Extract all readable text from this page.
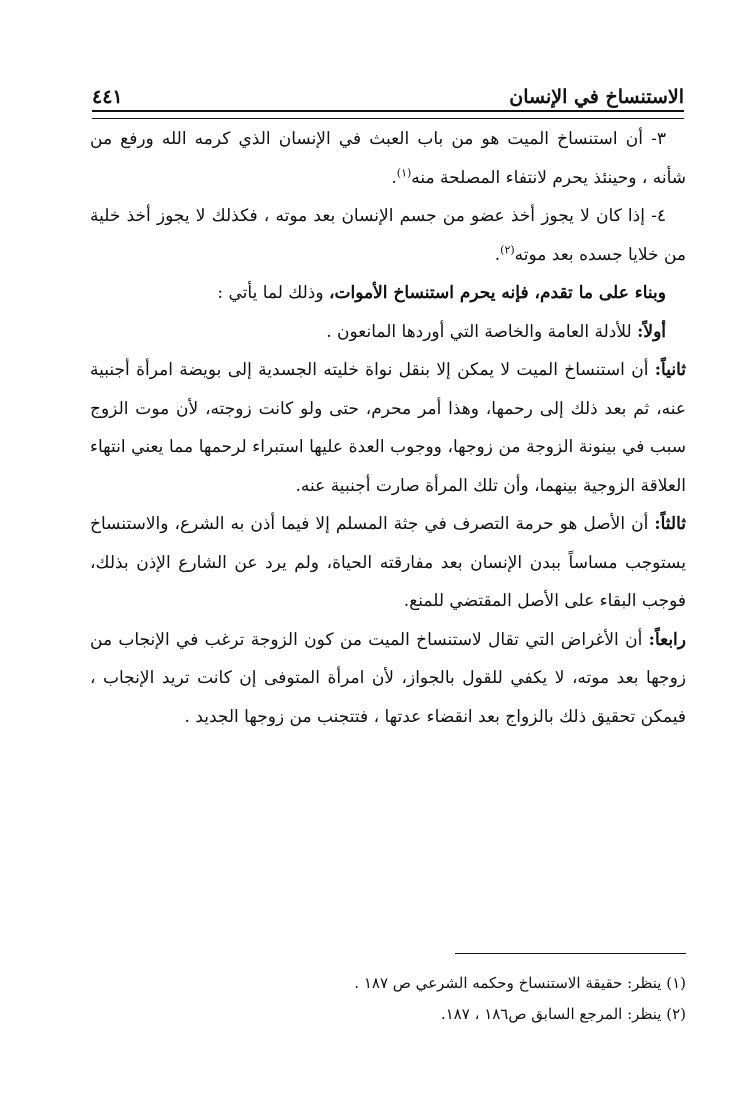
الاستنساخ في الإنسان
٤٤١

٣- أن استنساخ الميت هو من باب العبث في الإنسان الذي كرمه الله ورفع من شأنه ، وحينئذ يحرم لانتفاء المصلحة منه$^{(١)}$.

٤- إذا كان لا يجوز أخذ عضو من جسم الإنسان بعد موته ، فكذلك لا يجوز أخذ خلية من خلايا جسده بعد موته$^{(٢)}$.

وبناء على ما تقدم، فإنه يحرم استنساخ الأموات، وذلك لما يأتي :

أولاً: للأدلة العامة والخاصة التي أوردها المانعون .

ثانياً: أن استنساخ الميت لا يمكن إلا بنقل نواة خليته الجسدية إلى بويضة امرأة أجنبية عنه، ثم بعد ذلك إلى رحمها، وهذا أمر محرم، حتى ولو كانت زوجته، لأن موت الزوج سبب في بينونة الزوجة من زوجها، ووجوب العدة عليها استبراء لرحمها مما يعني انتهاء العلاقة الزوجية بينهما، وأن تلك المرأة صارت أجنبية عنه.

ثالثاً: أن الأصل هو حرمة التصرف في جثة المسلم إلا فيما أذن به الشرع، والاستنساخ يستوجب مساساً ببدن الإنسان بعد مفارقته الحياة، ولم يرد عن الشارع الإذن بذلك، فوجب البقاء على الأصل المقتضي للمنع.

رابعاً: أن الأغراض التي تقال لاستنساخ الميت من كون الزوجة ترغب في الإنجاب من زوجها بعد موته، لا يكفي للقول بالجواز، لأن امرأة المتوفى إن كانت تريد الإنجاب ، فيمكن تحقيق ذلك بالزواج بعد انقضاء عدتها ، فتتجنب من زوجها الجديد .

(١) ينظر: حقيقة الاستنساخ وحكمه الشرعي ص ١٨٧ .

(٢) ينظر: المرجع السابق ص١٨٦ ، ١٨٧.
